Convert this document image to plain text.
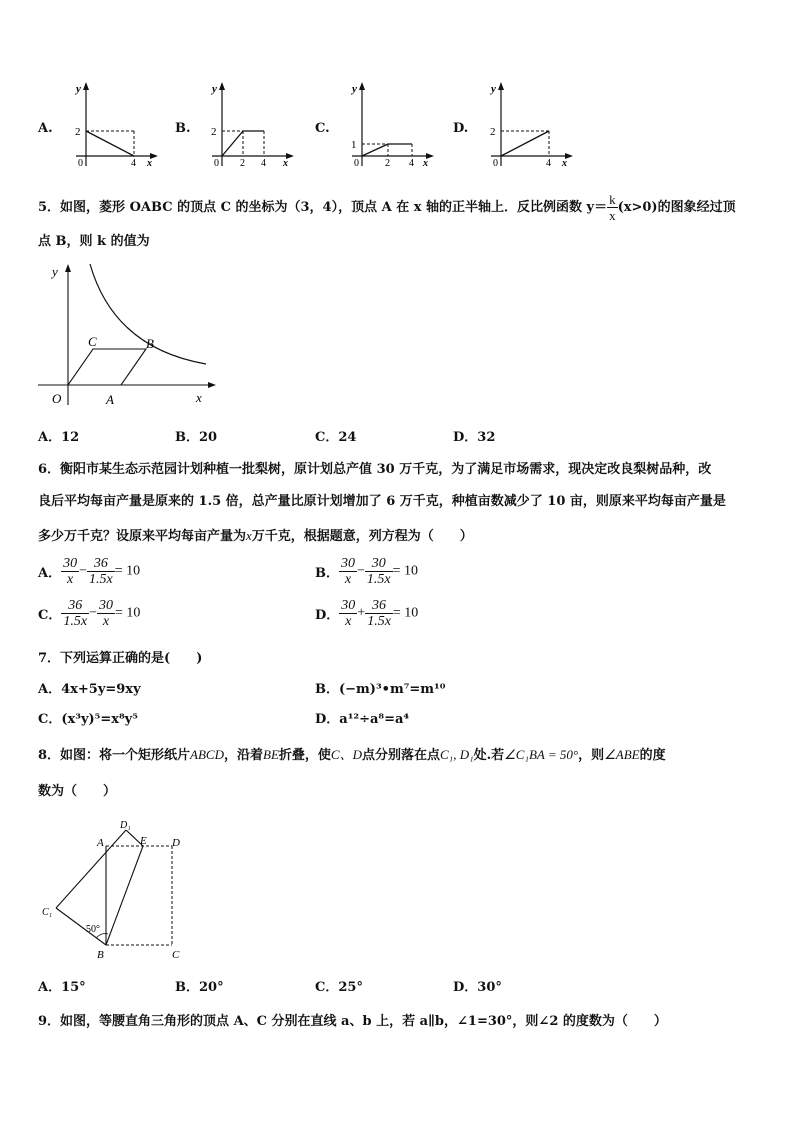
A.
y
2
0	4 x
B.
y
2
0 2 4 x
C.
y
1
0	2 4 x
D.
y
2
0	4 x
5．如图，菱形 OABC 的顶点 C 的坐标为（3，4），顶点 A 在 x 轴的正半轴上．反比例函数 $y= \frac{k}{x} (x>0)$的图象经过顶
点 B，则 k 的值为
y
x
O	A
B
C
A．12	B．20	C．24	D．32
6．衡阳市某生态示范园计划种植一批梨树，原计划总产值 30 万千克，为了满足市场需求，现决定改良梨树品种，改
良后平均每亩产量是原来的 1.5 倍，总产量比原计划增加了 6 万千克，种植亩数减少了 10 亩，则原来平均每亩产量是
多少万千克？设原来平均每亩产量为x万千克，根据题意，列方程为（　　）
A． $\frac{30}{x} - \frac{36}{1.5x} = 10$	B． $\frac{30}{x} - \frac{30}{1.5x} = 10$
C． $\frac{36}{1.5x} - \frac{30}{x} = 10$	D． $\frac{30}{x} + \frac{36}{1.5x} = 10$
7．下列运算正确的是(　　)
A．4x+5y=9xy	B．(−m)³•m⁷=m¹⁰
C．(x³y)⁵=x⁸y⁵	D．a¹²÷a⁸=a⁴
8．如图：将一个矩形纸片ABCD，沿着BE折叠，使C、D点分别落在点C₁, D₁处.若∠C₁BA = 50°，则∠ABE的度
数为（　　）
A
B	C
D
E
C₁
D₁
50°
A．15°	B．20°	C．25°	D．30°
9．如图，等腰直角三角形的顶点 A、C 分别在直线 a、b 上，若 a∥b，∠1=30°，则∠2 的度数为（　　）
